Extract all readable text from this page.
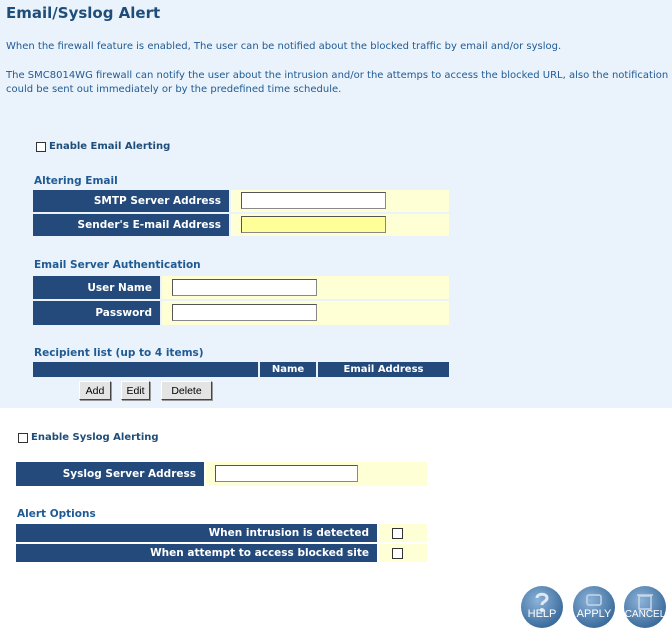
Email/Syslog Alert
When the firewall feature is enabled, The user can be notified about the blocked traffic by email and/or syslog.
The SMC8014WG firewall can notify the user about the intrusion and/or the attemps to access the blocked URL, also the notification could be sent out immediately or by the predefined time schedule.
Enable Email Alerting
Altering Email
SMTP Server Address
Sender's E-mail Address
Email Server Authentication
User Name
Password
Recipient list (up to 4 items)
Name	Email Address
Add	Edit	Delete
Enable Syslog Alerting
Syslog Server Address
Alert Options
When intrusion is detected
When attempt to access blocked site
HELP APPLY CANCEL
